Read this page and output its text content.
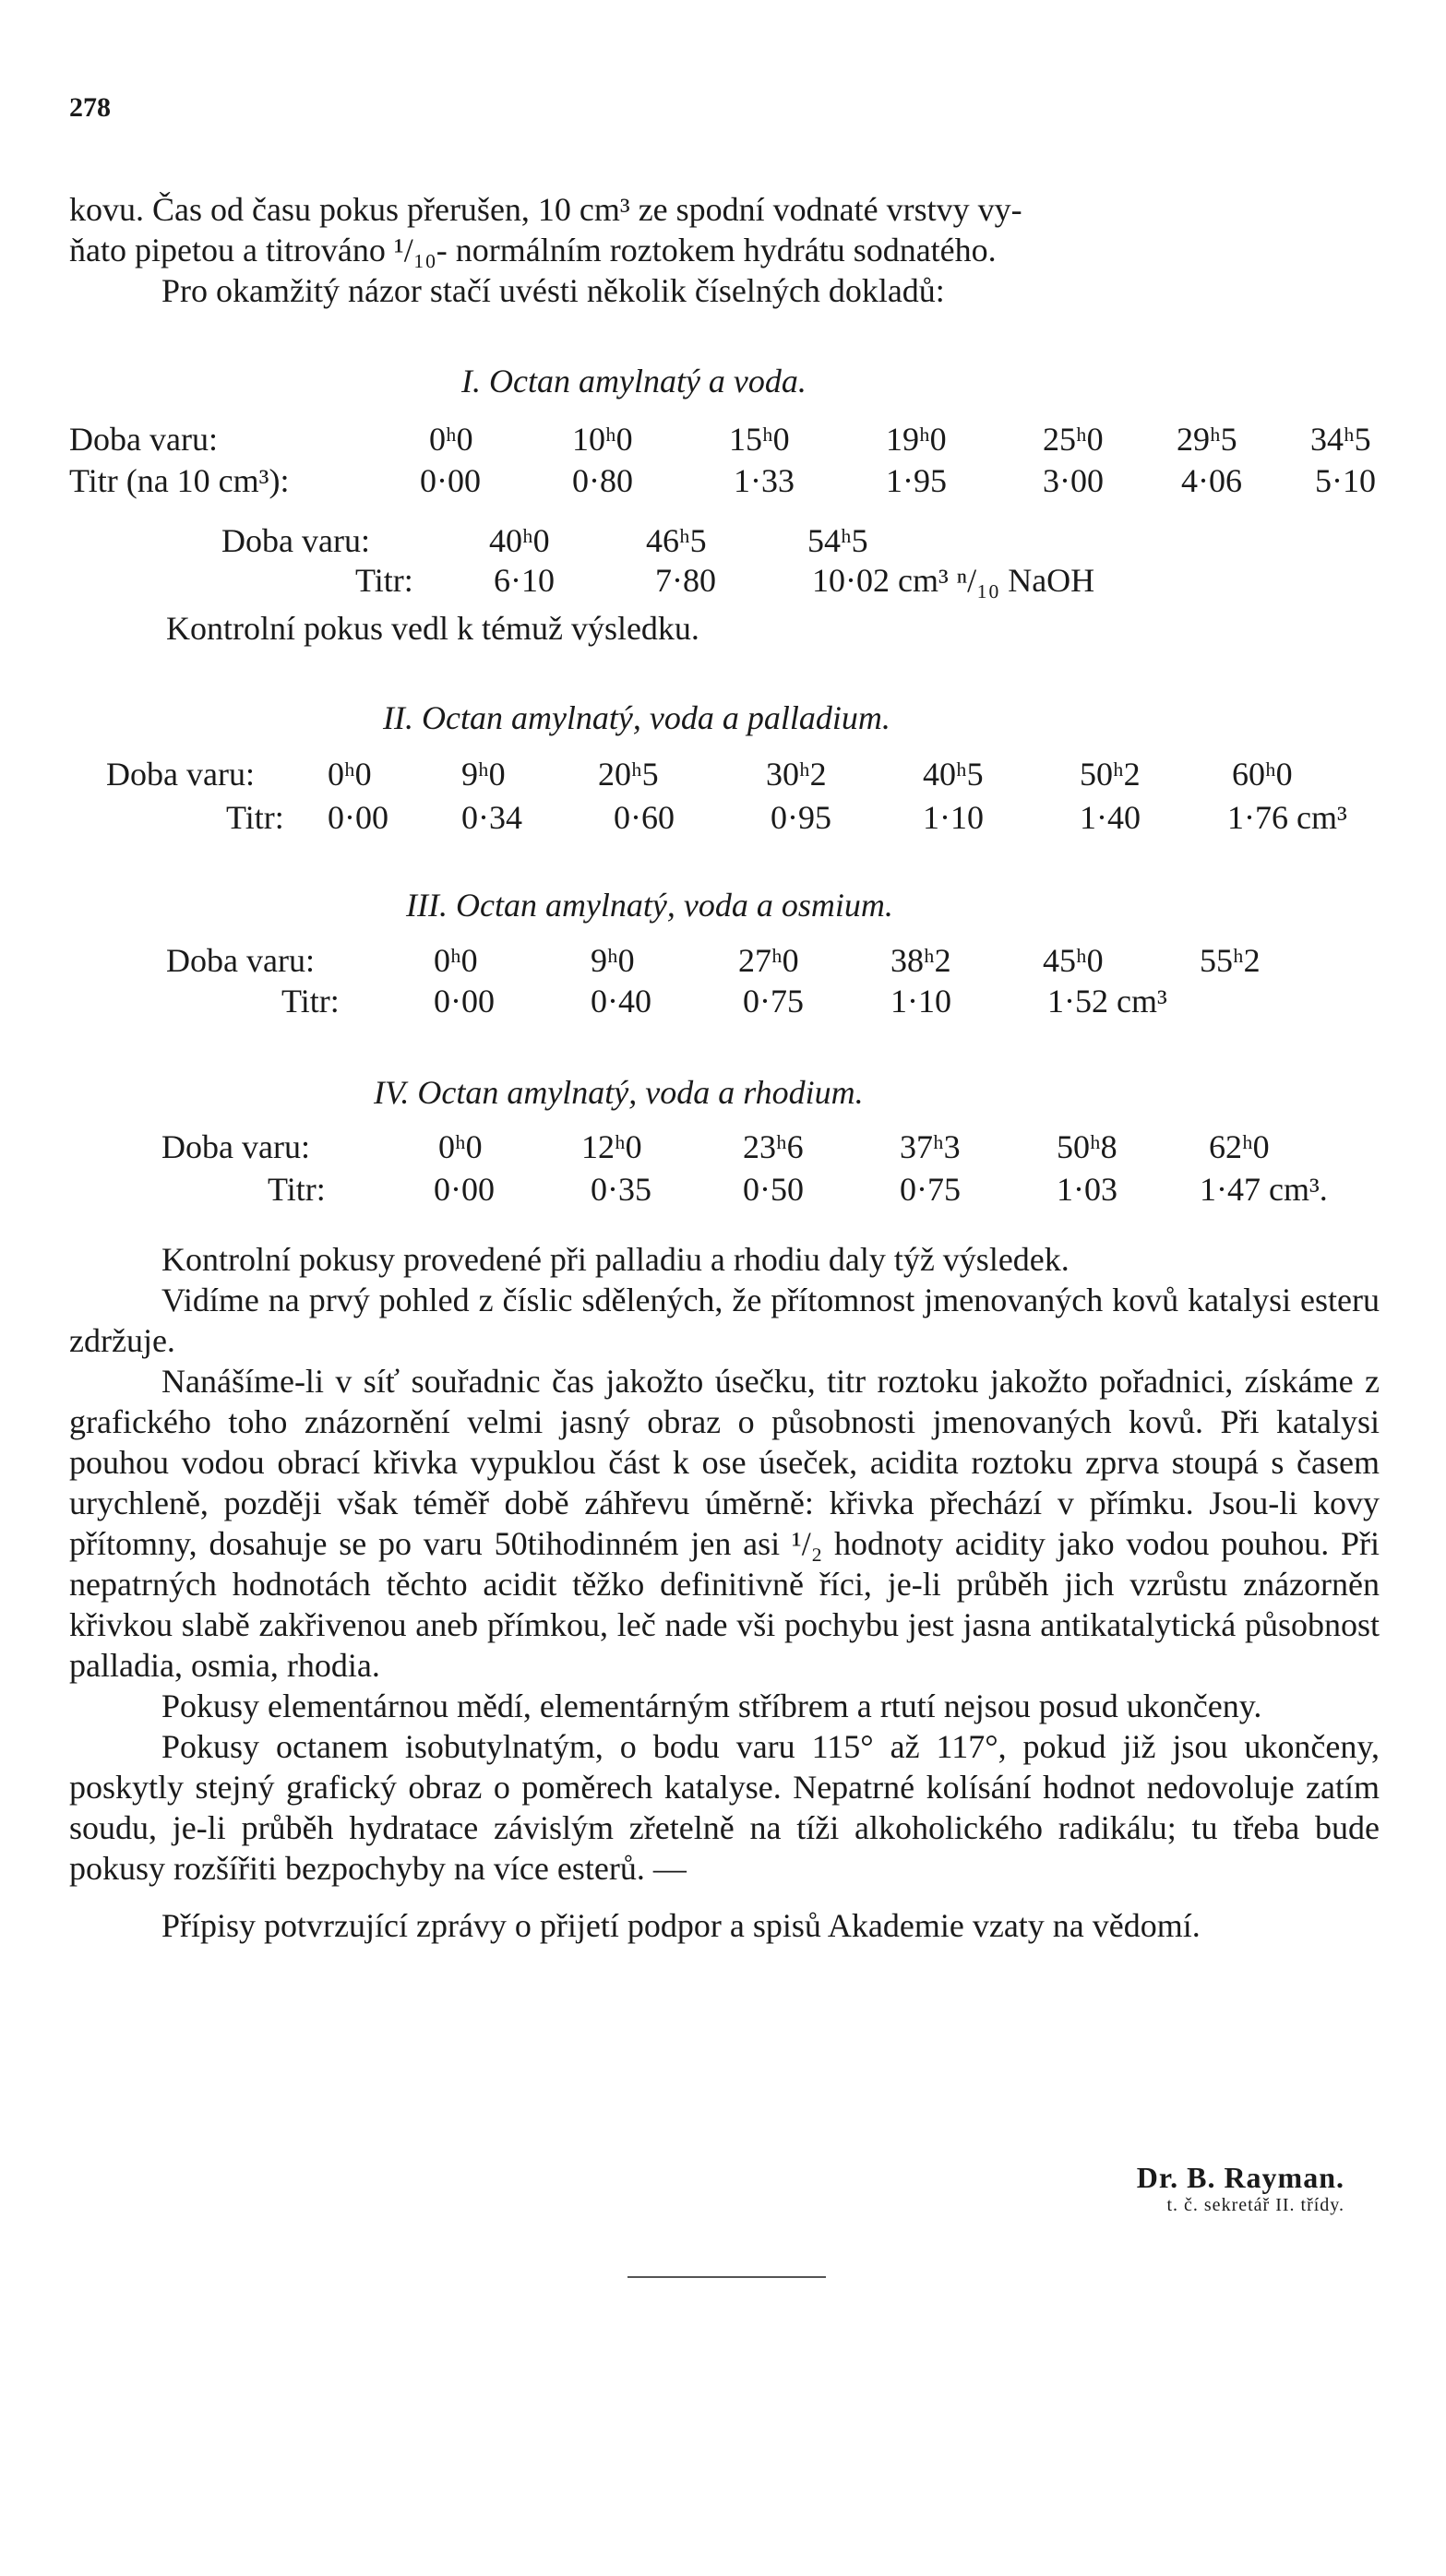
278
kovu. Čas od času pokus přerušen, 10 cm³ ze spodní vodnaté vrstvy vy-
ňato pipetou a titrováno ¹/₁₀- normálním roztokem hydrátu sodnatého.
Pro okamžitý názor stačí uvésti několik číselných dokladů:
I. Octan amylnatý a voda.
Doba varu:	0ʰ0	10ʰ0	15ʰ0	19ʰ0	25ʰ0 29ʰ5 34ʰ5
Titr (na 10 cm³):	0·00	0·80	1·33	1·95	3·00 4·06 5·10
Doba varu:	40ʰ0	46ʰ5	54ʰ5
Titr: 6·10	7·80	10·02 cm³ ⁿ/₁₀ NaOH
Kontrolní pokus vedl k témuž výsledku.
II. Octan amylnatý, voda a palladium.
Doba varu: 0ʰ0	9ʰ0	20ʰ5	30ʰ2	40ʰ5	50ʰ2	60ʰ0
Titr: 0·00 0·34	0·60	0·95	1·10	1·40	1·76 cm³
III. Octan amylnatý, voda a osmium.
Doba varu:	0ʰ0	9ʰ0	27ʰ0	38ʰ2	45ʰ0	55ʰ2
Titr:	0·00	0·40	0·75	1·10	1·52 cm³
IV. Octan amylnatý, voda a rhodium.
Doba varu:	0ʰ0	12ʰ0	23ʰ6	37ʰ3	50ʰ8	62ʰ0
Titr:	0·00	0·35	0·50	0·75	1·03 1·47 cm³.

Kontrolní pokusy provedené při palladiu a rhodiu daly týž výsledek.

Vidíme na prvý pohled z číslic sdělených, že přítomnost jmenovaných kovů katalysi esteru zdržuje.

Nanášíme-li v síť souřadnic čas jakožto úsečku, titr roztoku jakožto pořadnici, získáme z grafického toho znázornění velmi jasný obraz o působnosti jmenovaných kovů. Při katalysi pouhou vodou obrací křivka vypuklou část k ose úseček, acidita roztoku zprva stoupá s časem urychleně, později však téměř době záhřevu úměrně: křivka přechází v přímku. Jsou-li kovy přítomny, dosahuje se po varu 50tihodinném jen asi ¹/₂ hodnoty acidity jako vodou pouhou. Při nepatrných hodnotách těchto acidit těžko definitivně říci, je-li průběh jich vzrůstu znázorněn křivkou slabě zakřivenou aneb přímkou, leč nade vši pochybu jest jasna antikatalytická působnost palladia, osmia, rhodia.

Pokusy elementárnou mědí, elementárným stříbrem a rtutí nejsou posud ukončeny.

Pokusy octanem isobutylnatým, o bodu varu 115° až 117°, pokud již jsou ukončeny, poskytly stejný grafický obraz o poměrech katalyse. Nepatrné kolísání hodnot nedovoluje zatím soudu, je-li průběh hydratace závislým zřetelně na tíži alkoholického radikálu; tu třeba bude pokusy rozšířiti bezpochyby na více esterů. —

Přípisy potvrzující zprávy o přijetí podpor a spisů Akademie vzaty na vědomí.

Dr. B. Rayman.
t. č. sekretář II. třídy.
